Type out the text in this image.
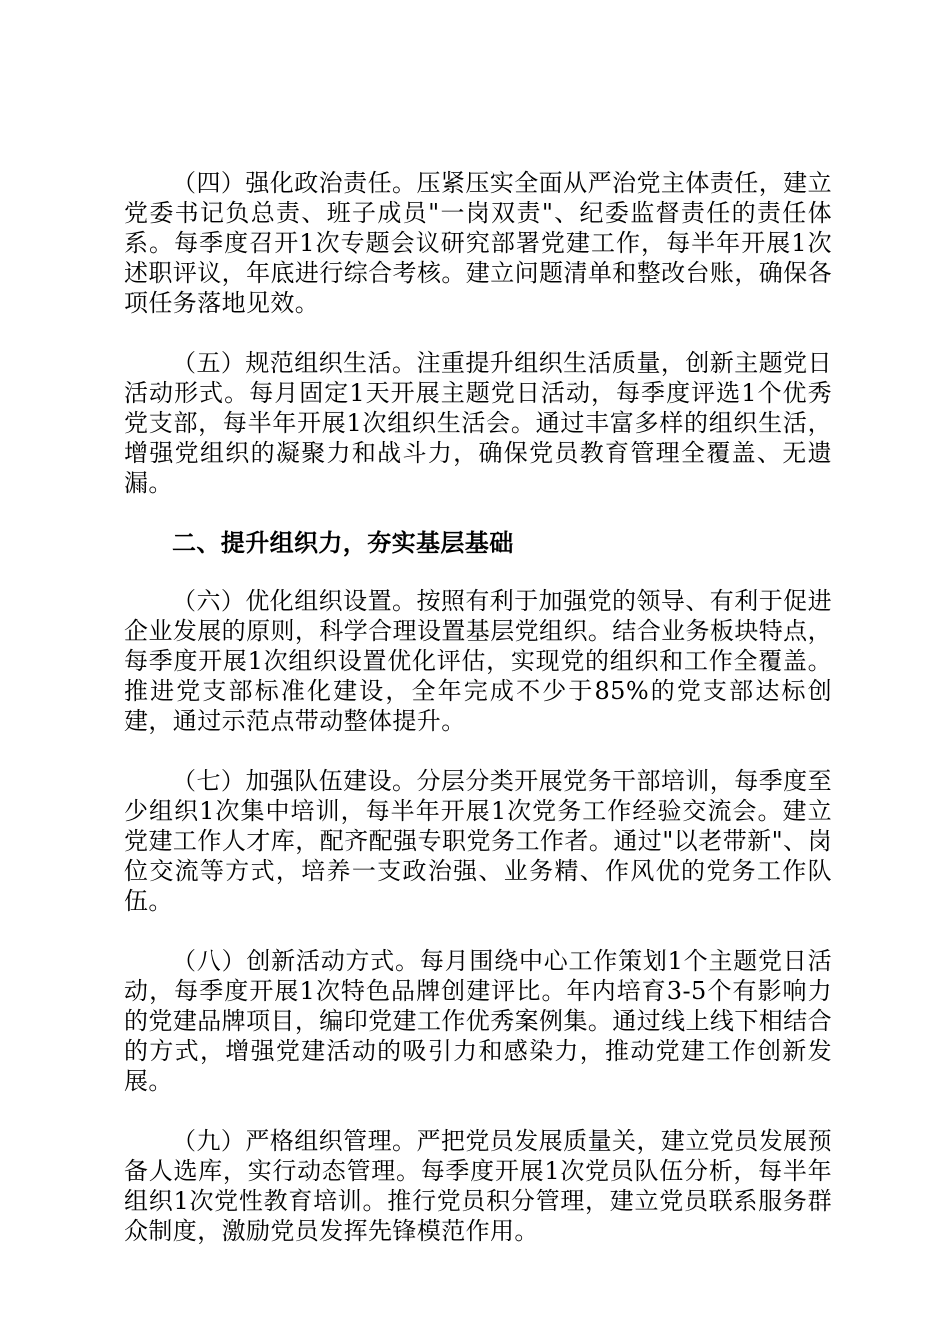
（四）强化政治责任。压紧压实全面从严治党主体责任，建立党委书记负总责、班子成员"一岗双责"、纪委监督责任的责任体系。每季度召开1次专题会议研究部署党建工作，每半年开展1次述职评议，年底进行综合考核。建立问题清单和整改台账，确保各项任务落地见效。

（五）规范组织生活。注重提升组织生活质量，创新主题党日活动形式。每月固定1天开展主题党日活动，每季度评选1个优秀党支部，每半年开展1次组织生活会。通过丰富多样的组织生活，增强党组织的凝聚力和战斗力，确保党员教育管理全覆盖、无遗漏。

二、提升组织力，夯实基层基础

（六）优化组织设置。按照有利于加强党的领导、有利于促进企业发展的原则，科学合理设置基层党组织。结合业务板块特点，每季度开展1次组织设置优化评估，实现党的组织和工作全覆盖。推进党支部标准化建设，全年完成不少于85%的党支部达标创建，通过示范点带动整体提升。

（七）加强队伍建设。分层分类开展党务干部培训，每季度至少组织1次集中培训，每半年开展1次党务工作经验交流会。建立党建工作人才库，配齐配强专职党务工作者。通过"以老带新"、岗位交流等方式，培养一支政治强、业务精、作风优的党务工作队伍。

（八）创新活动方式。每月围绕中心工作策划1个主题党日活动，每季度开展1次特色品牌创建评比。年内培育3-5个有影响力的党建品牌项目，编印党建工作优秀案例集。通过线上线下相结合的方式，增强党建活动的吸引力和感染力，推动党建工作创新发展。

（九）严格组织管理。严把党员发展质量关，建立党员发展预备人选库，实行动态管理。每季度开展1次党员队伍分析，每半年组织1次党性教育培训。推行党员积分管理，建立党员联系服务群众制度，激励党员发挥先锋模范作用。
